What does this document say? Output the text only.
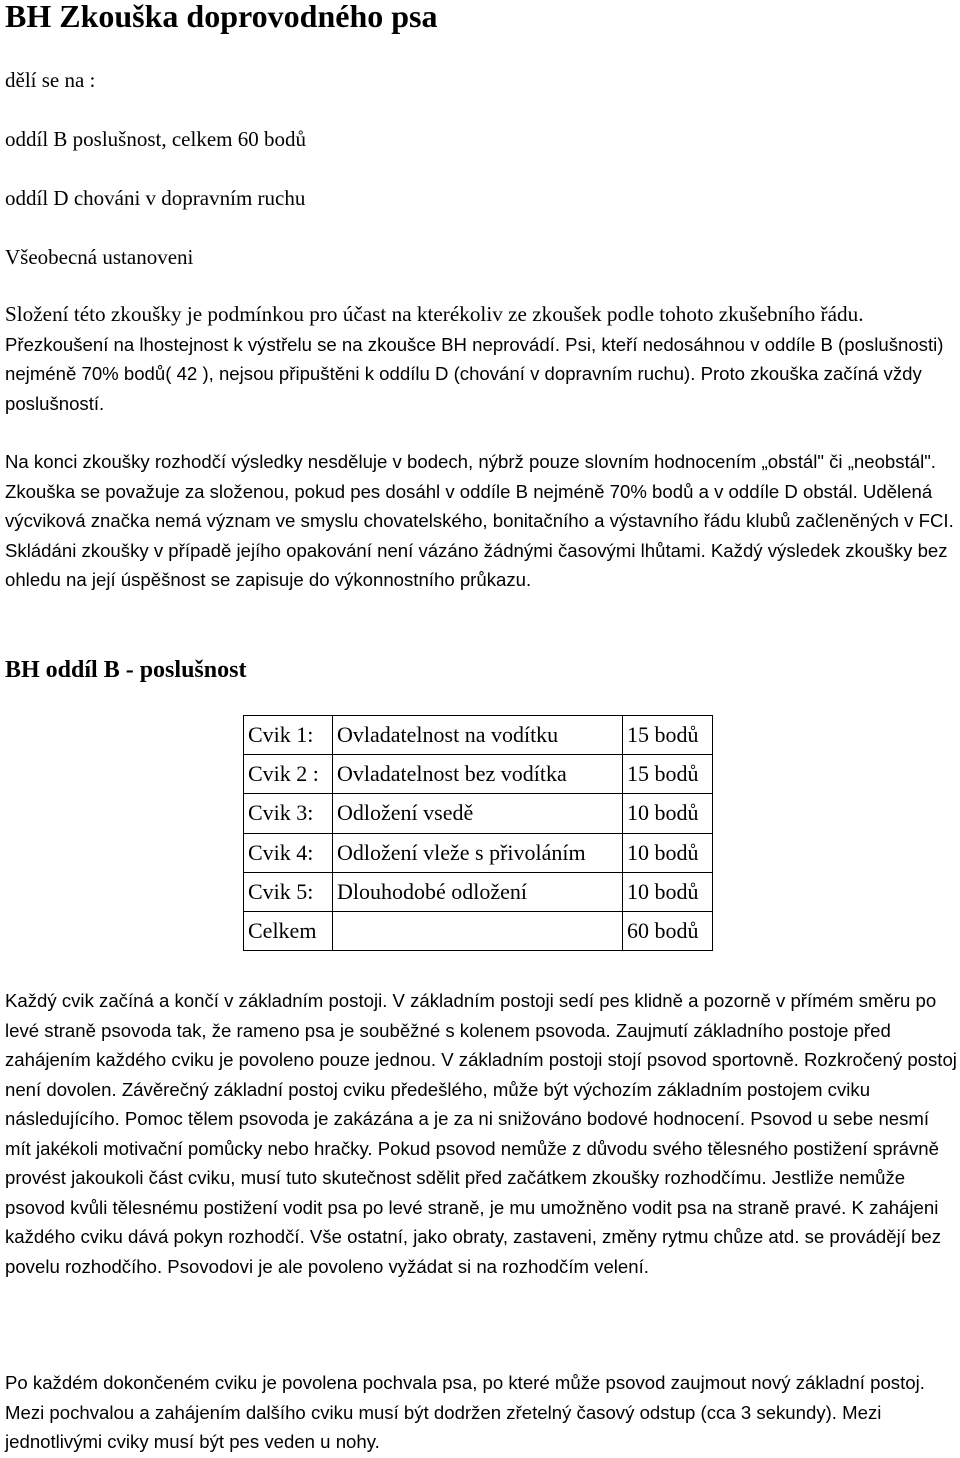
BH Zkouška doprovodného psa

dělí se na :

oddíl B poslušnost, celkem 60 bodů

oddíl D chováni v dopravním ruchu

Všeobecná ustanoveni

Složení této zkoušky je podmínkou pro účast na kterékoliv ze zkoušek podle tohoto zkušebního řádu. Přezkoušení na lhostejnost k výstřelu se na zkoušce BH neprovádí. Psi, kteří nedosáhnou v oddíle B (poslušnosti) nejméně 70% bodů( 42 ), nejsou připuštěni k oddílu D (chování v dopravním ruchu). Proto zkouška začíná vždy poslušností.

Na konci zkoušky rozhodčí výsledky nesděluje v bodech, nýbrž pouze slovním hodnocením „obstál" či „neobstál". Zkouška se považuje za složenou, pokud pes dosáhl v oddíle B nejméně 70% bodů a v oddíle D obstál. Udělená výcviková značka nemá význam ve smyslu chovatelského, bonitačního a výstavního řádu klubů začleněných v FCI. Skládáni zkoušky v případě jejího opakování není vázáno žádnými časovými lhůtami. Každý výsledek zkoušky bez ohledu na její úspěšnost se zapisuje do výkonnostního průkazu.

BH oddíl B - poslušnost
Cvik 1:	Ovladatelnost na vodítku	15 bodů
Cvik 2 :	Ovladatelnost bez vodítka	15 bodů
Cvik 3:	Odložení vsedě	10 bodů
Cvik 4:	Odložení vleže s přivoláním	10 bodů
Cvik 5:	Dlouhodobé odložení	10 bodů
Celkem		60 bodů

Každý cvik začíná a končí v základním postoji. V základním postoji sedí pes klidně a pozorně v přímém směru po levé straně psovoda tak, že rameno psa je souběžné s kolenem psovoda. Zaujmutí základního postoje před zahájením každého cviku je povoleno pouze jednou. V základním postoji stojí psovod sportovně. Rozkročený postoj není dovolen. Závěrečný základní postoj cviku předešlého, může být výchozím základním postojem cviku následujícího. Pomoc tělem psovoda je zakázána a je za ni snižováno bodové hodnocení. Psovod u sebe nesmí mít jakékoli motivační pomůcky nebo hračky. Pokud psovod nemůže z důvodu svého tělesného postižení správně provést jakoukoli část cviku, musí tuto skutečnost sdělit před začátkem zkoušky rozhodčímu. Jestliže nemůže psovod kvůli tělesnému postižení vodit psa po levé straně, je mu umožněno vodit psa na straně pravé. K zahájeni každého cviku dává pokyn rozhodčí. Vše ostatní, jako obraty, zastaveni, změny rytmu chůze atd. se provádějí bez povelu rozhodčího. Psovodovi je ale povoleno vyžádat si na rozhodčím velení.

Po každém dokončeném cviku je povolena pochvala psa, po které může psovod zaujmout nový základní postoj. Mezi pochvalou a zahájením dalšího cviku musí být dodržen zřetelný časový odstup (cca 3 sekundy). Mezi jednotlivými cviky musí být pes veden u nohy.
